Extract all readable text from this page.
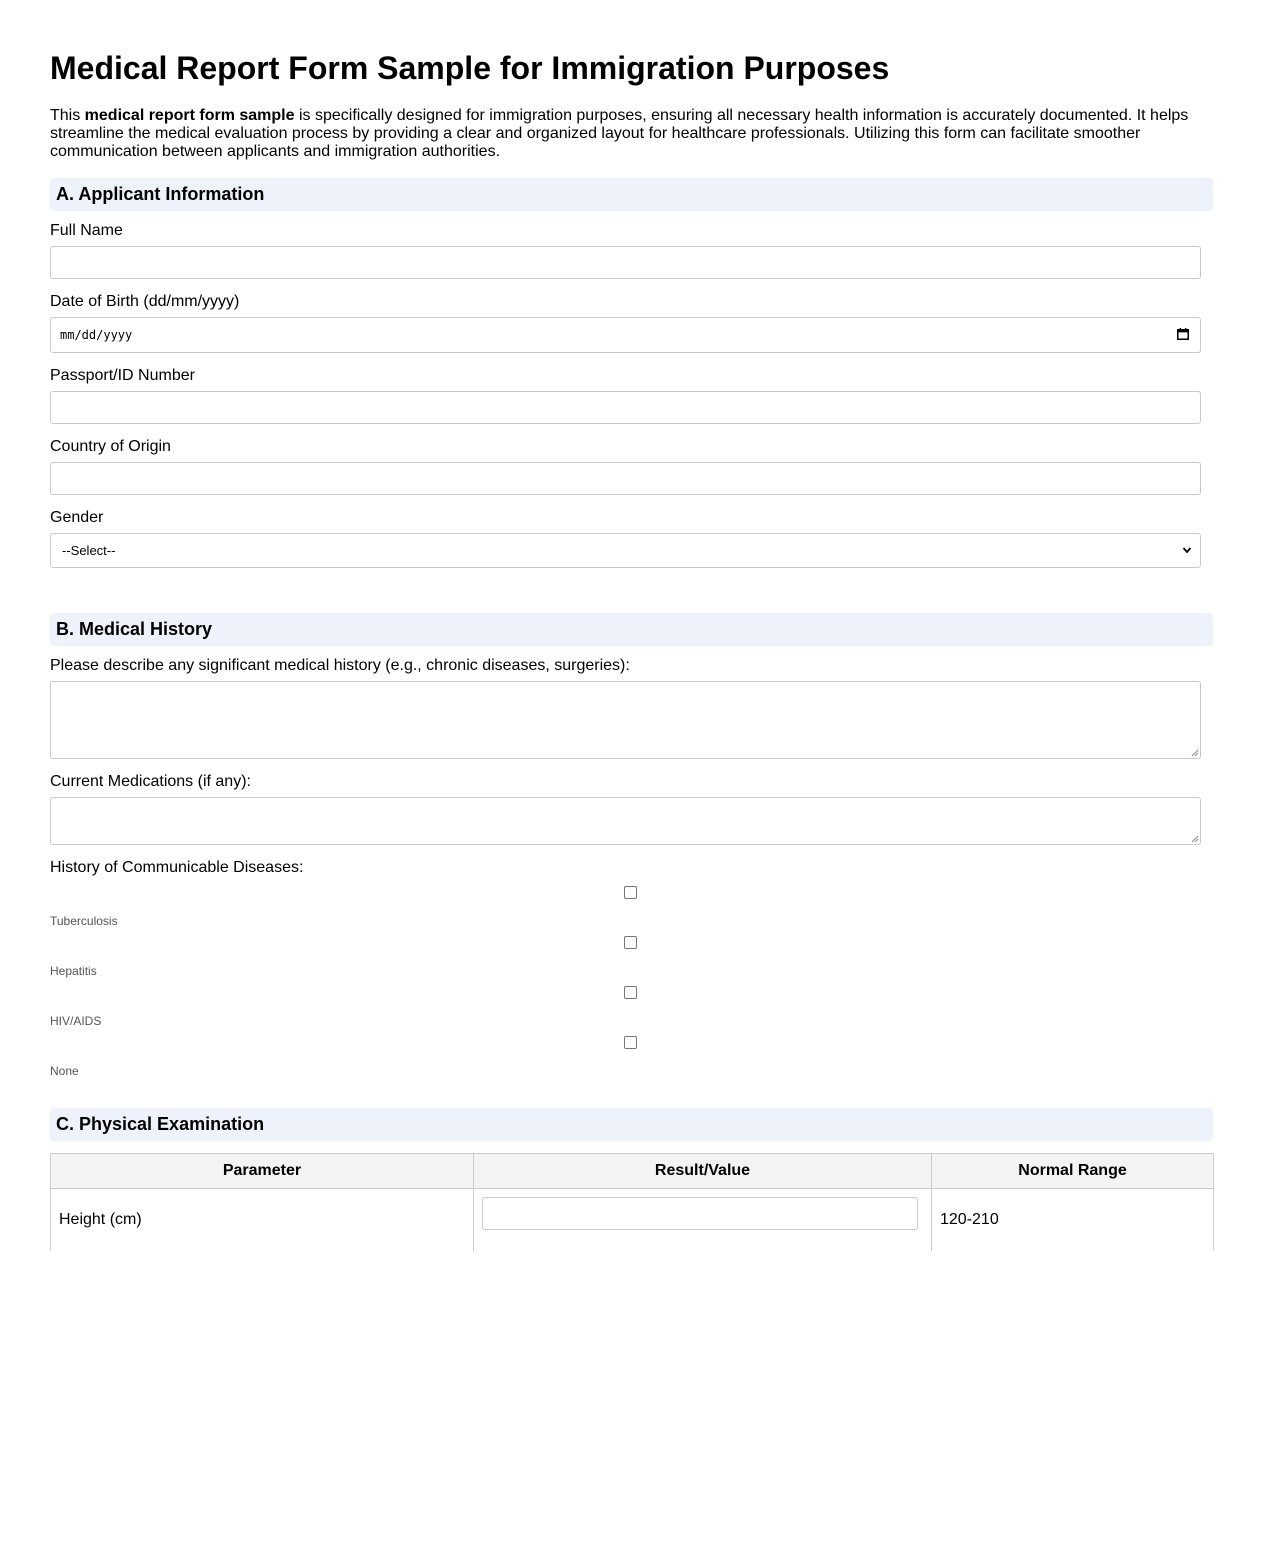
Medical Report Form Sample for Immigration Purposes

This medical report form sample is specifically designed for immigration purposes, ensuring all necessary health information is accurately documented. It helps streamline the medical evaluation process by providing a clear and organized layout for healthcare professionals. Utilizing this form can facilitate smoother communication between applicants and immigration authorities.

A. Applicant Information
Full Name
Date of Birth (dd/mm/yyyy)
mm/dd/yyyy
Passport/ID Number
Country of Origin
Gender
--Select--
B. Medical History
Please describe any significant medical history (e.g., chronic diseases, surgeries):
Current Medications (if any):
History of Communicable Diseases:
Tuberculosis
Hepatitis
HIV/AIDS
None
C. Physical Examination
Parameter	Result/Value	Normal Range
Height (cm)		120-210
